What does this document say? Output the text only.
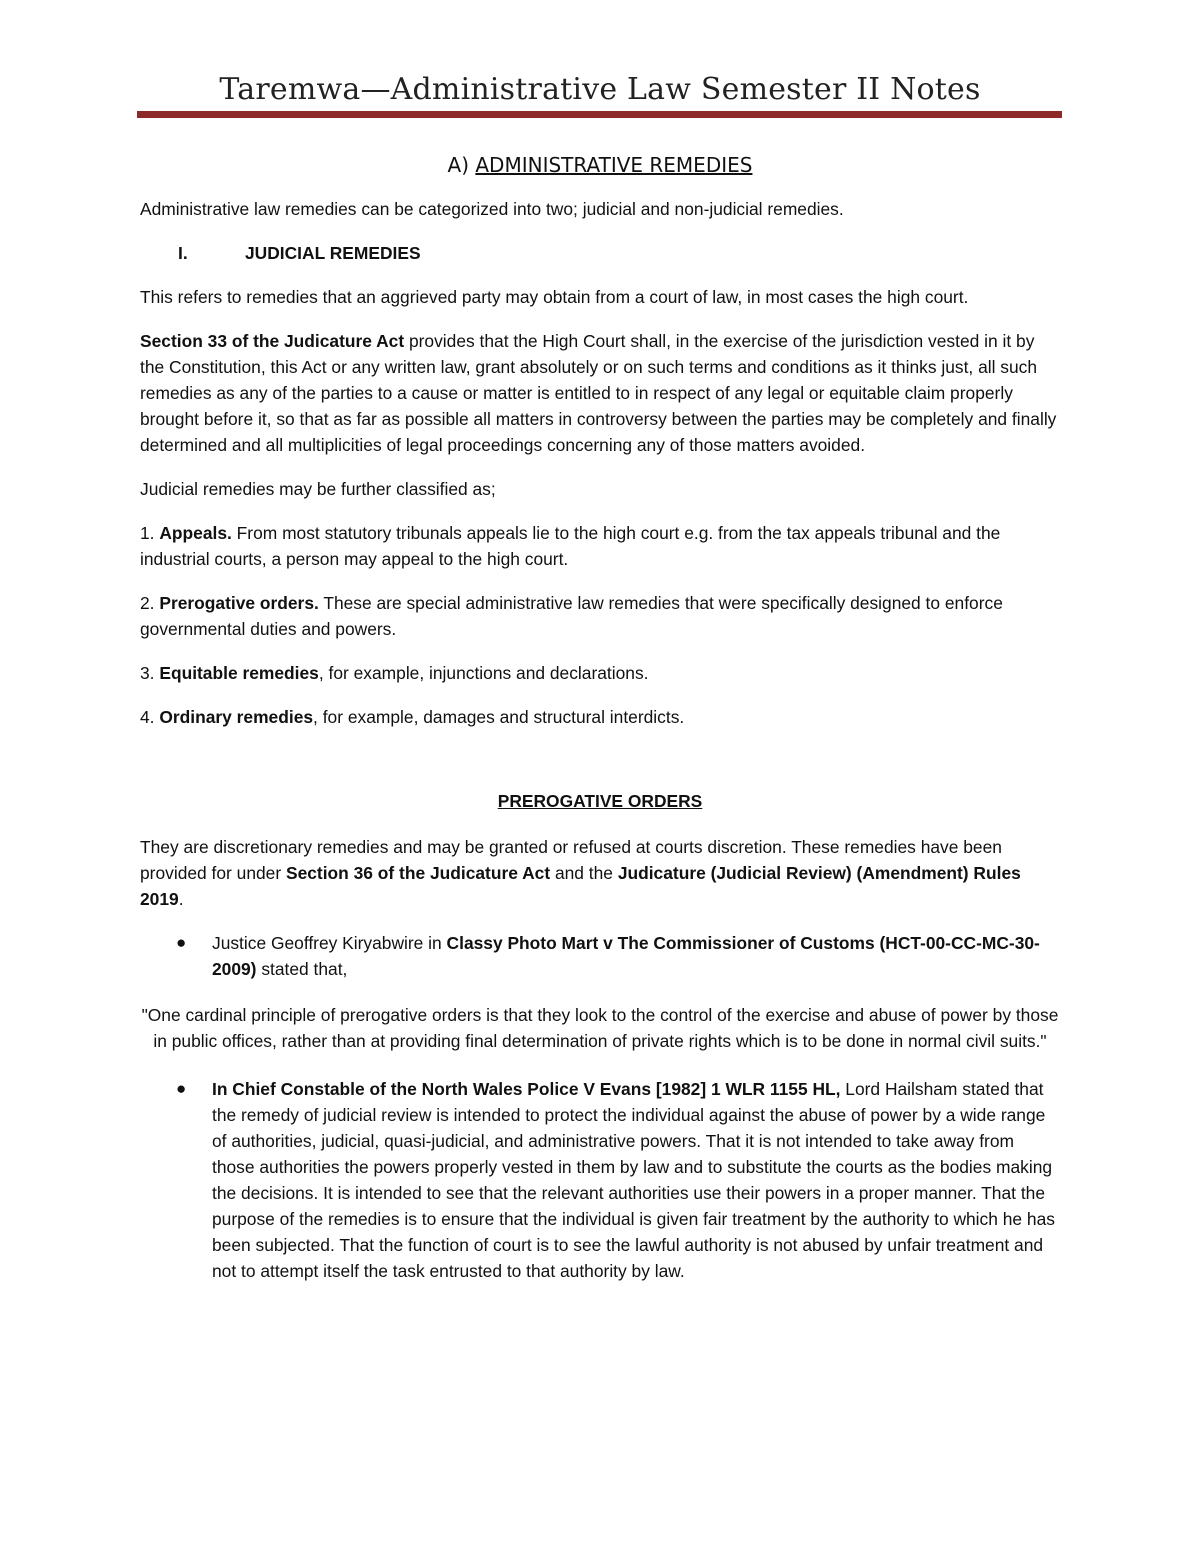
Taremwa—Administrative Law Semester II Notes
A) ADMINISTRATIVE REMEDIES

Administrative law remedies can be categorized into two; judicial and non-judicial remedies.

I.	JUDICIAL REMEDIES

This refers to remedies that an aggrieved party may obtain from a court of law, in most cases the high court.

Section 33 of the Judicature Act provides that the High Court shall, in the exercise of the jurisdiction vested in it by the Constitution, this Act or any written law, grant absolutely or on such terms and conditions as it thinks just, all such remedies as any of the parties to a cause or matter is entitled to in respect of any legal or equitable claim properly brought before it, so that as far as possible all matters in controversy between the parties may be completely and finally determined and all multiplicities of legal proceedings concerning any of those matters avoided.

Judicial remedies may be further classified as;

1. Appeals. From most statutory tribunals appeals lie to the high court e.g. from the tax appeals tribunal and the industrial courts, a person may appeal to the high court.

2. Prerogative orders. These are special administrative law remedies that were specifically designed to enforce governmental duties and powers.

3. Equitable remedies, for example, injunctions and declarations.

4. Ordinary remedies, for example, damages and structural interdicts.

PREROGATIVE ORDERS

They are discretionary remedies and may be granted or refused at courts discretion. These remedies have been provided for under Section 36 of the Judicature Act and the Judicature (Judicial Review) (Amendment) Rules 2019.

● Justice Geoffrey Kiryabwire in Classy Photo Mart v The Commissioner of Customs (HCT-00-CC-MC-30-2009) stated that,
"One cardinal principle of prerogative orders is that they look to the control of the exercise and abuse of power by those in public offices, rather than at providing final determination of private rights which is to be done in normal civil suits."
● In Chief Constable of the North Wales Police V Evans [1982] 1 WLR 1155 HL, Lord Hailsham stated that the remedy of judicial review is intended to protect the individual against the abuse of power by a wide range of authorities, judicial, quasi-judicial, and administrative powers. That it is not intended to take away from those authorities the powers properly vested in them by law and to substitute the courts as the bodies making the decisions. It is intended to see that the relevant authorities use their powers in a proper manner. That the purpose of the remedies is to ensure that the individual is given fair treatment by the authority to which he has been subjected. That the function of court is to see the lawful authority is not abused by unfair treatment and not to attempt itself the task entrusted to that authority by law.
